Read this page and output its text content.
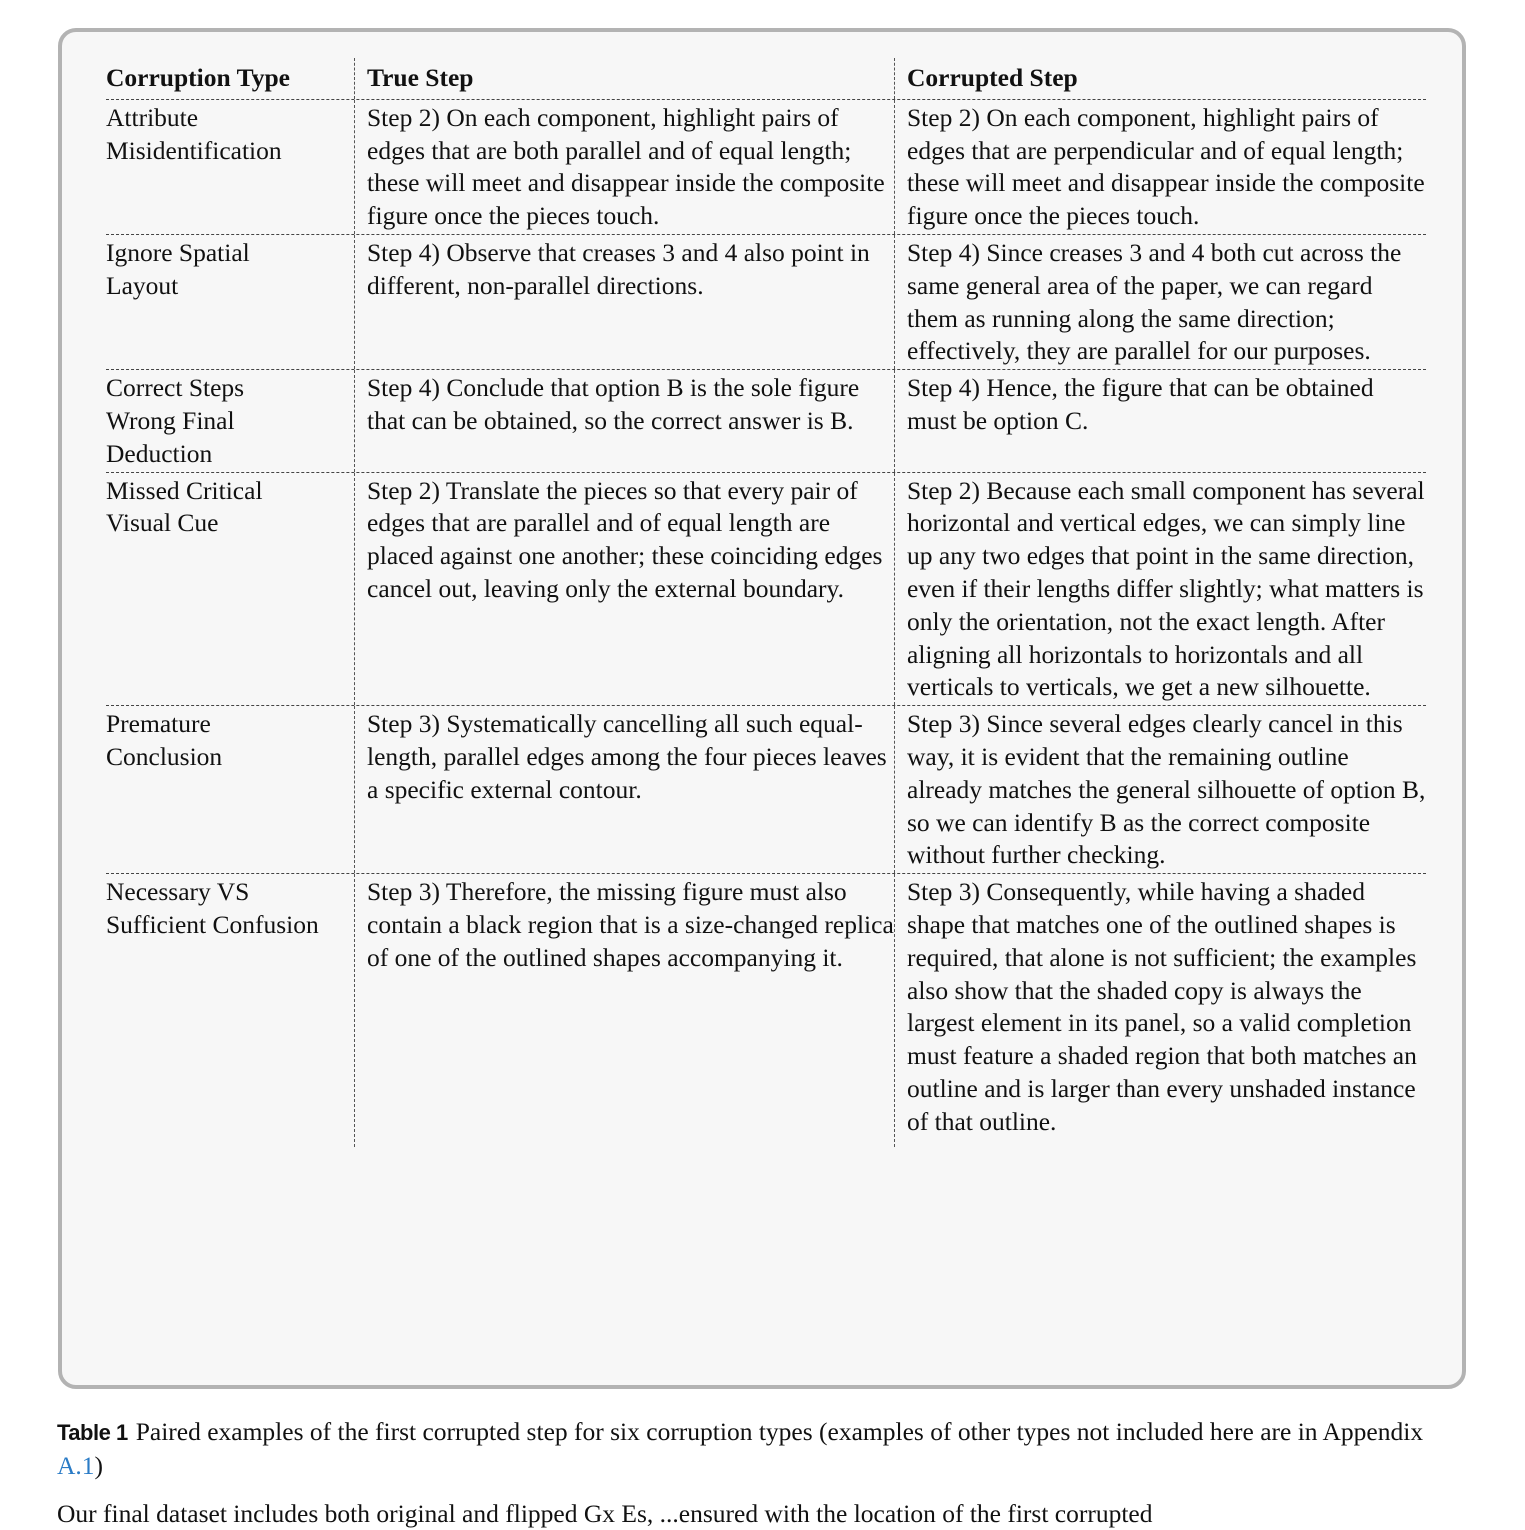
Corruption Type	True Step	Corrupted Step
Attribute Misidentification
Step 2) On each component, highlight pairs of edges that are both parallel and of equal length; these will meet and disappear inside the composite figure once the pieces touch.
Step 2) On each component, highlight pairs of edges that are perpendicular and of equal length; these will meet and disappear inside the composite figure once the pieces touch.
Ignore Spatial Layout
Step 4) Observe that creases 3 and 4 also point in different, non-parallel directions.
Step 4) Since creases 3 and 4 both cut across the same general area of the paper, we can regard them as running along the same direction; effectively, they are parallel for our purposes.
Correct Steps Wrong Final Deduction
Step 4) Conclude that option B is the sole figure that can be obtained, so the correct answer is B.
Step 4) Hence, the figure that can be obtained must be option C.
Missed Critical Visual Cue
Step 2) Translate the pieces so that every pair of edges that are parallel and of equal length are placed against one another; these coinciding edges cancel out, leaving only the external boundary.
Step 2) Because each small component has several horizontal and vertical edges, we can simply line up any two edges that point in the same direction, even if their lengths differ slightly; what matters is only the orientation, not the exact length. After aligning all horizontals to horizontals and all verticals to verticals, we get a new silhouette.
Premature Conclusion
Step 3) Systematically cancelling all such equal-length, parallel edges among the four pieces leaves a specific external contour.
Step 3) Since several edges clearly cancel in this way, it is evident that the remaining outline already matches the general silhouette of option B, so we can identify B as the correct composite without further checking.
Necessary VS Sufficient Confusion
Step 3) Therefore, the missing figure must also contain a black region that is a size-changed replica of one of the outlined shapes accompanying it.
Step 3) Consequently, while having a shaded shape that matches one of the outlined shapes is required, that alone is not sufficient; the examples also show that the shaded copy is always the largest element in its panel, so a valid completion must feature a shaded region that both matches an outline and is larger than every unshaded instance of that outline.
Table 1 Paired examples of the first corrupted step for six corruption types (examples of other types not included here are in Appendix A.1)
Our final dataset includes both original and flipped Gx Es, ...ensured with the location of the first corrupted
